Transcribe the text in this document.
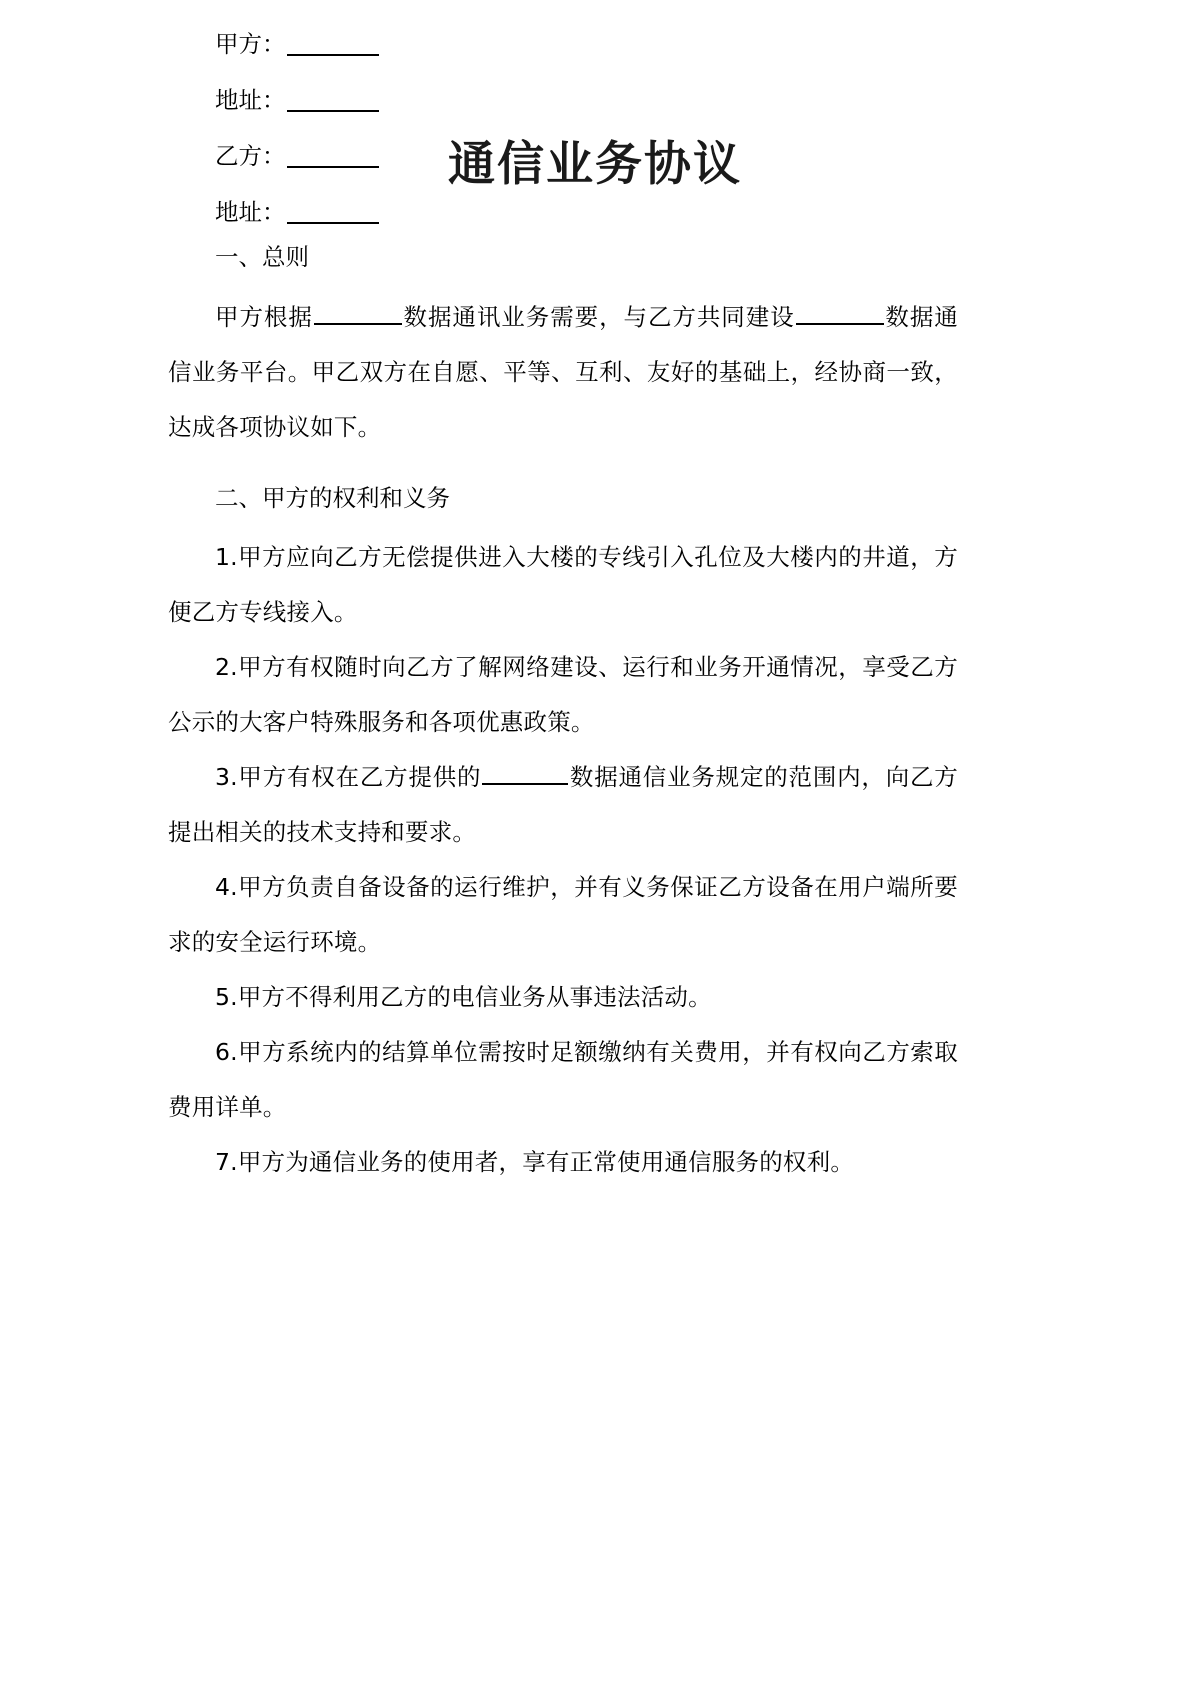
通信业务协议
甲方：
地址：
乙方：
地址：
一、总则

甲方根据	数据通讯业务需要，与乙方共同建设	数据通信业务平台。甲乙双方在自愿、平等、互利、友好的基础上，经协商一致，达成各项协议如下。

二、甲方的权利和义务

1.甲方应向乙方无偿提供进入大楼的专线引入孔位及大楼内的井道，方便乙方专线接入。

2.甲方有权随时向乙方了解网络建设、运行和业务开通情况，享受乙方公示的大客户特殊服务和各项优惠政策。

3.甲方有权在乙方提供的	数据通信业务规定的范围内，向乙方提出相关的技术支持和要求。

4.甲方负责自备设备的运行维护，并有义务保证乙方设备在用户端所要求的安全运行环境。

5.甲方不得利用乙方的电信业务从事违法活动。

6.甲方系统内的结算单位需按时足额缴纳有关费用，并有权向乙方索取费用详单。

7.甲方为通信业务的使用者，享有正常使用通信服务的权利。
